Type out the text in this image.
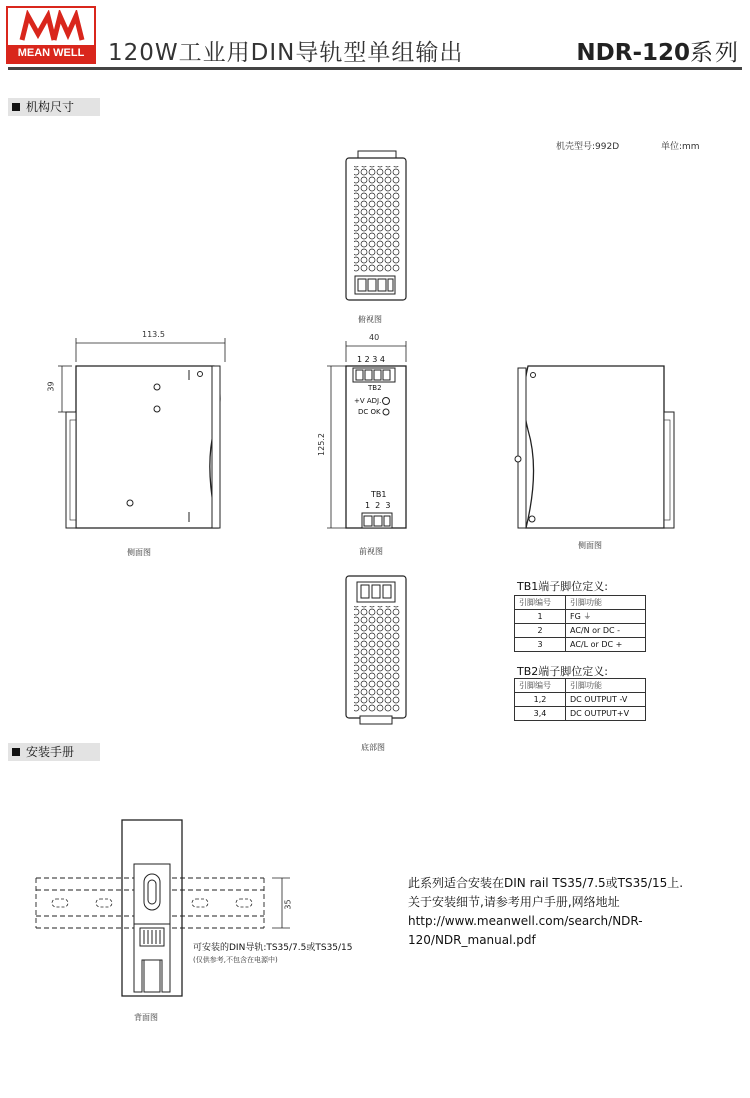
MEAN WELL	120W工业用DIN导轨型单组输出	NDR-120系列
机构尺寸
机壳型号:992D	单位:mm
俯视图
侧面图	前视图
侧面图
底部图
113.5
39
40
125.2
1 2 3 4
TB2
+V ADJ.
DC OK
TB1
1  2  3
TB1端子脚位定义:
引脚编号	引脚功能
1	FG ⏚
2	AC/N or DC -
3	AC/L or DC +
TB2端子脚位定义:
引脚编号	引脚功能
1,2	DC OUTPUT -V
3,4	DC OUTPUT+V
安装手册
35
可安装的DIN导轨:TS35/7.5或TS35/15
(仅供参考,不包含在电源中)
背面图
此系列适合安装在DIN rail TS35/7.5或TS35/15上.
关于安装细节,请参考用户手册,网络地址
http://www.meanwell.com/search/NDR-120/NDR_manual.pdf
